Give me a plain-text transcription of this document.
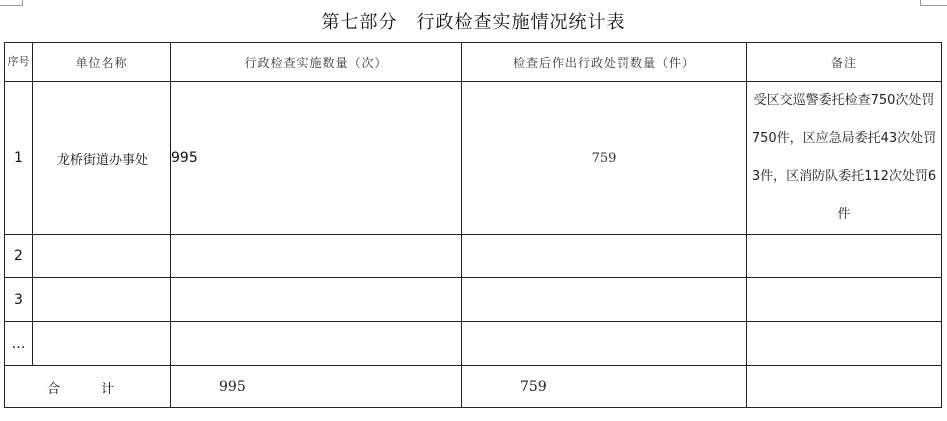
第七部分　行政检查实施情况统计表
序号	单位名称	行政检查实施数量（次）	检查后作出行政处罚数量（件）	备注
1	龙桥街道办事处	995	759	受区交巡警委托检查750次处罚750件，区应急局委托43次处罚3件，区消防队委托112次处罚6件
2				
3				
…				
合　计		995	759	
